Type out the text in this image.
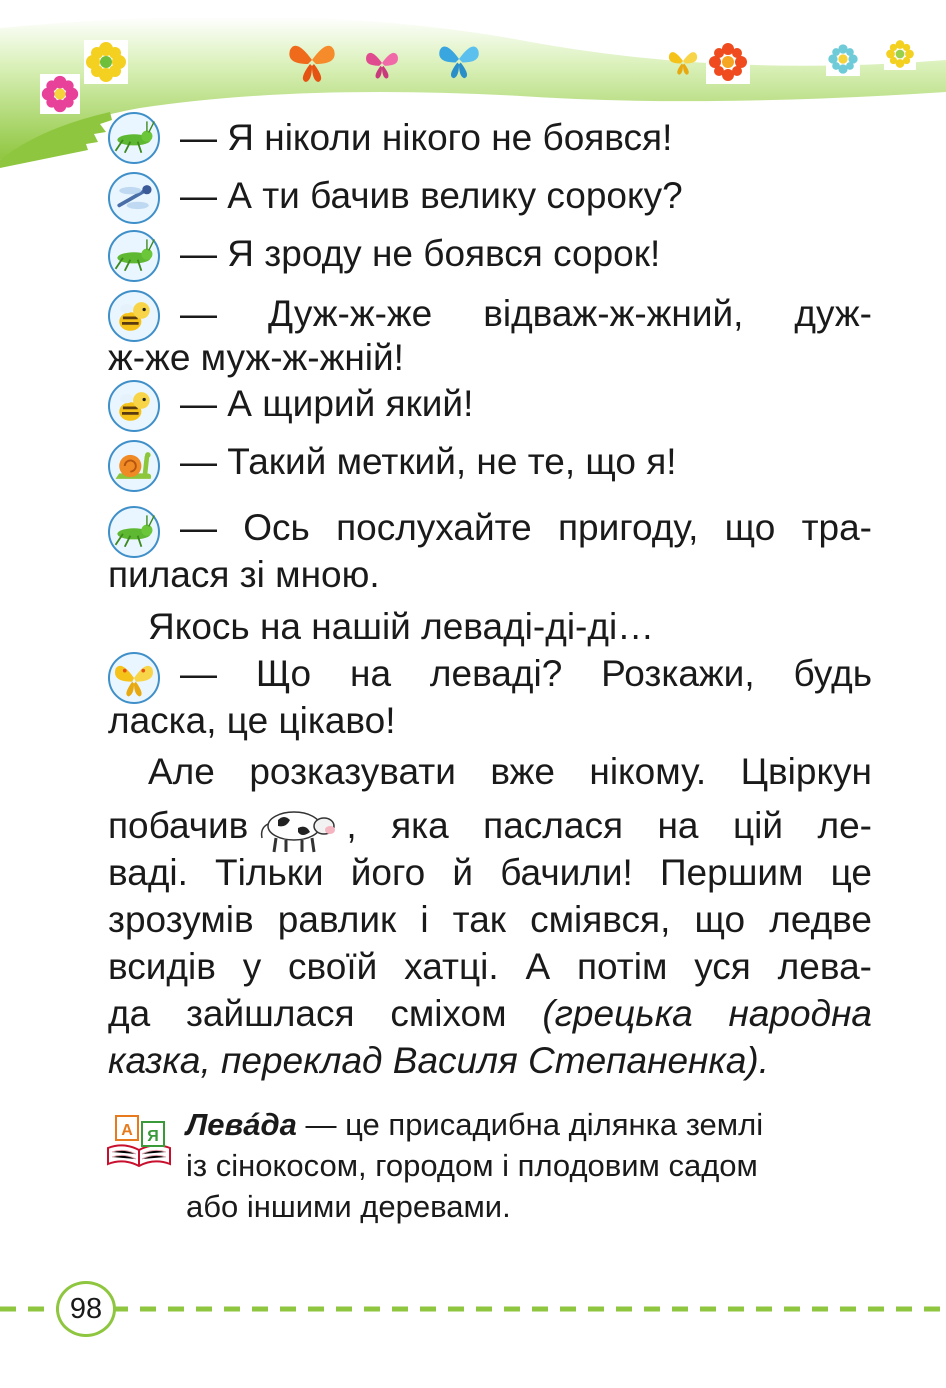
— Я ніколи нікого не боявся!
— А ти бачив велику сороку?
— Я зроду не боявся сорок!
— Дуж-ж-же відваж-ж-жний, дуж-
ж-же муж-ж-жній!
— А щирий який!
— Такий меткий, не те, що я!
— Ось послухайте пригоду, що тра-
пилася зі мною.
Якось на нашій леваді-ді-ді…
— Що на леваді? Розкажи, будь
ласка, це цікаво!
Але розказувати вже нікому. Цвіркун
побачив	, яка паслася на цій ле-
ваді. Тільки його й бачили! Першим це
зрозумів равлик і так сміявся, що ледве
всидів у своїй хатці. А потім уся лева-
да зайшлася сміхом (грецька народна
казка, переклад Василя Степаненка).
А Я Левáда — це присадибна ділянка землі
із сінокосом, городом і плодовим садом
або іншими деревами.
98
